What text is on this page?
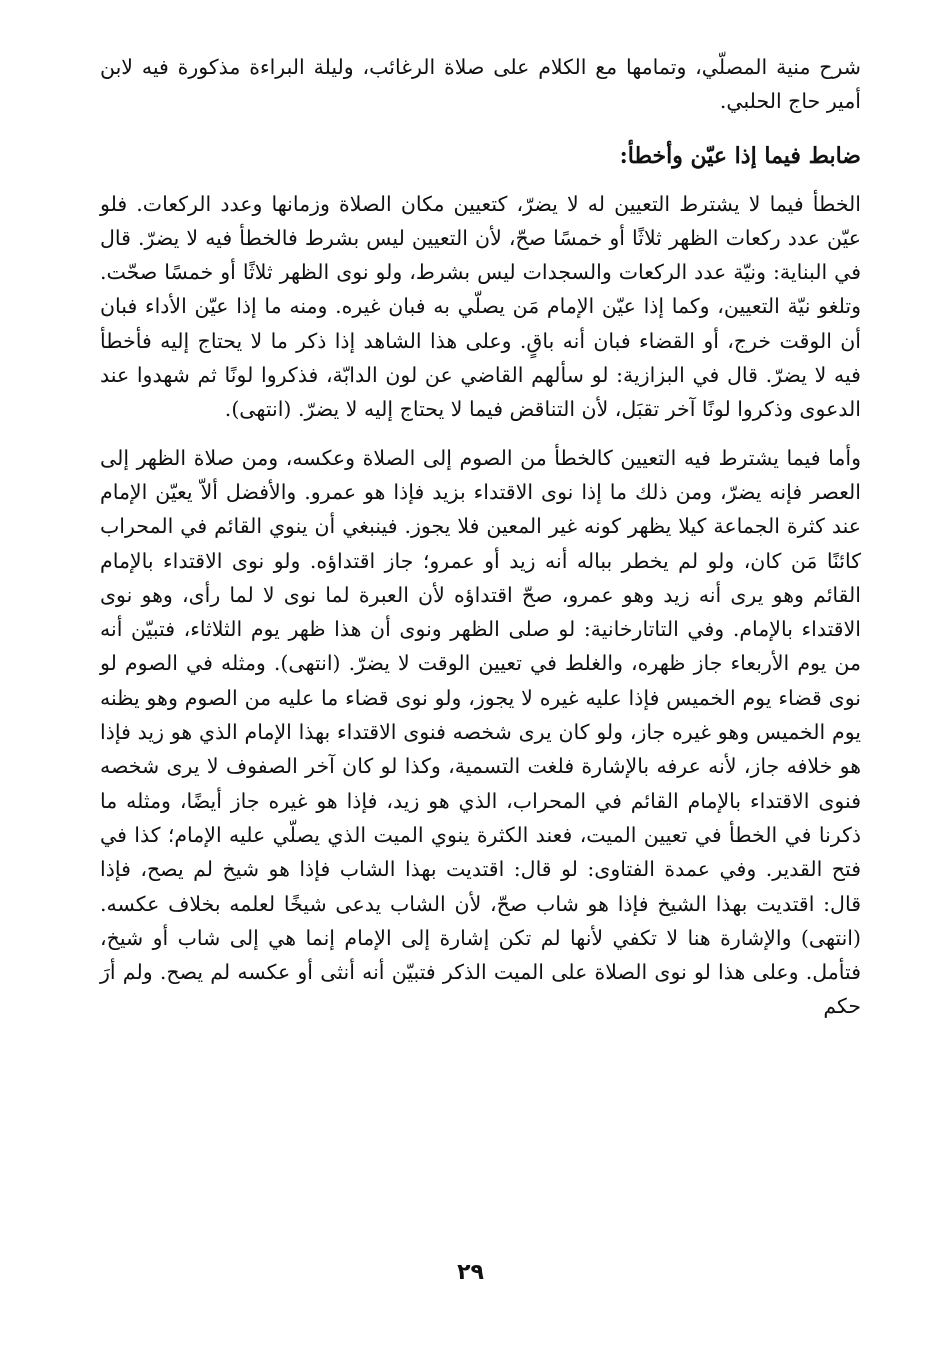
شرح منية المصلّي، وتمامها مع الكلام على صلاة الرغائب، وليلة البراءة مذكورة فيه لابن أمير حاج الحلبي.

ضابط فيما إذا عيّن وأخطأ:

الخطأ فيما لا يشترط التعيين له لا يضرّ، كتعيين مكان الصلاة وزمانها وعدد الركعات. فلو عيّن عدد ركعات الظهر ثلاثًا أو خمسًا صحّ، لأن التعيين ليس بشرط فالخطأ فيه لا يضرّ. قال في البناية: ونيّة عدد الركعات والسجدات ليس بشرط، ولو نوى الظهر ثلاثًا أو خمسًا صحّت. وتلغو نيّة التعيين، وكما إذا عيّن الإمام مَن يصلّي به فبان غيره. ومنه ما إذا عيّن الأداء فبان أن الوقت خرج، أو القضاء فبان أنه باقٍ. وعلى هذا الشاهد إذا ذكر ما لا يحتاج إليه فأخطأ فيه لا يضرّ. قال في البزازية: لو سألهم القاضي عن لون الدابّة، فذكروا لونًا ثم شهدوا عند الدعوى وذكروا لونًا آخر تقبَل، لأن التناقض فيما لا يحتاج إليه لا يضرّ. (انتهى).

وأما فيما يشترط فيه التعيين كالخطأ من الصوم إلى الصلاة وعكسه، ومن صلاة الظهر إلى العصر فإنه يضرّ، ومن ذلك ما إذا نوى الاقتداء بزيد فإذا هو عمرو. والأفضل ألاّ يعيّن الإمام عند كثرة الجماعة كيلا يظهر كونه غير المعين فلا يجوز. فينبغي أن ينوي القائم في المحراب كائنًا مَن كان، ولو لم يخطر بباله أنه زيد أو عمرو؛ جاز اقتداؤه. ولو نوى الاقتداء بالإمام القائم وهو يرى أنه زيد وهو عمرو، صحّ اقتداؤه لأن العبرة لما نوى لا لما رأى، وهو نوى الاقتداء بالإمام. وفي التاتارخانية: لو صلى الظهر ونوى أن هذا ظهر يوم الثلاثاء، فتبيّن أنه من يوم الأربعاء جاز ظهره، والغلط في تعيين الوقت لا يضرّ. (انتهى). ومثله في الصوم لو نوى قضاء يوم الخميس فإذا عليه غيره لا يجوز، ولو نوى قضاء ما عليه من الصوم وهو يظنه يوم الخميس وهو غيره جاز، ولو كان يرى شخصه فنوى الاقتداء بهذا الإمام الذي هو زيد فإذا هو خلافه جاز، لأنه عرفه بالإشارة فلغت التسمية، وكذا لو كان آخر الصفوف لا يرى شخصه فنوى الاقتداء بالإمام القائم في المحراب، الذي هو زيد، فإذا هو غيره جاز أيضًا، ومثله ما ذكرنا في الخطأ في تعيين الميت، فعند الكثرة ينوي الميت الذي يصلّي عليه الإمام؛ كذا في فتح القدير. وفي عمدة الفتاوى: لو قال: اقتديت بهذا الشاب فإذا هو شيخ لم يصح، فإذا قال: اقتديت بهذا الشيخ فإذا هو شاب صحّ، لأن الشاب يدعى شيخًا لعلمه بخلاف عكسه. (انتهى) والإشارة هنا لا تكفي لأنها لم تكن إشارة إلى الإمام إنما هي إلى شاب أو شيخ، فتأمل. وعلى هذا لو نوى الصلاة على الميت الذكر فتبيّن أنه أنثى أو عكسه لم يصح. ولم أرَ حكم

٢٩
